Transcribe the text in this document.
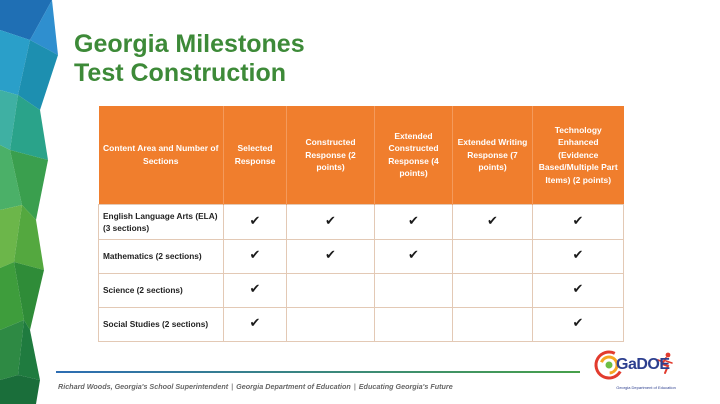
Georgia Milestones
Test Construction
Content Area and Number of Sections	Selected Response	Constructed Response (2 points)	Extended Constructed Response (4 points)	Extended Writing Response (7 points)	Technology Enhanced (Evidence Based/Multiple Part Items) (2 points)
English Language Arts (ELA)
(3 sections)	✔	✔	✔	✔	✔
Mathematics (2 sections)	✔	✔	✔		✔
Science (2 sections)	✔				✔
Social Studies (2 sections)	✔				✔
Richard Woods, Georgia's School Superintendent | Georgia Department of Education | Educating Georgia's Future
GaDOE
Georgia Department of Education
